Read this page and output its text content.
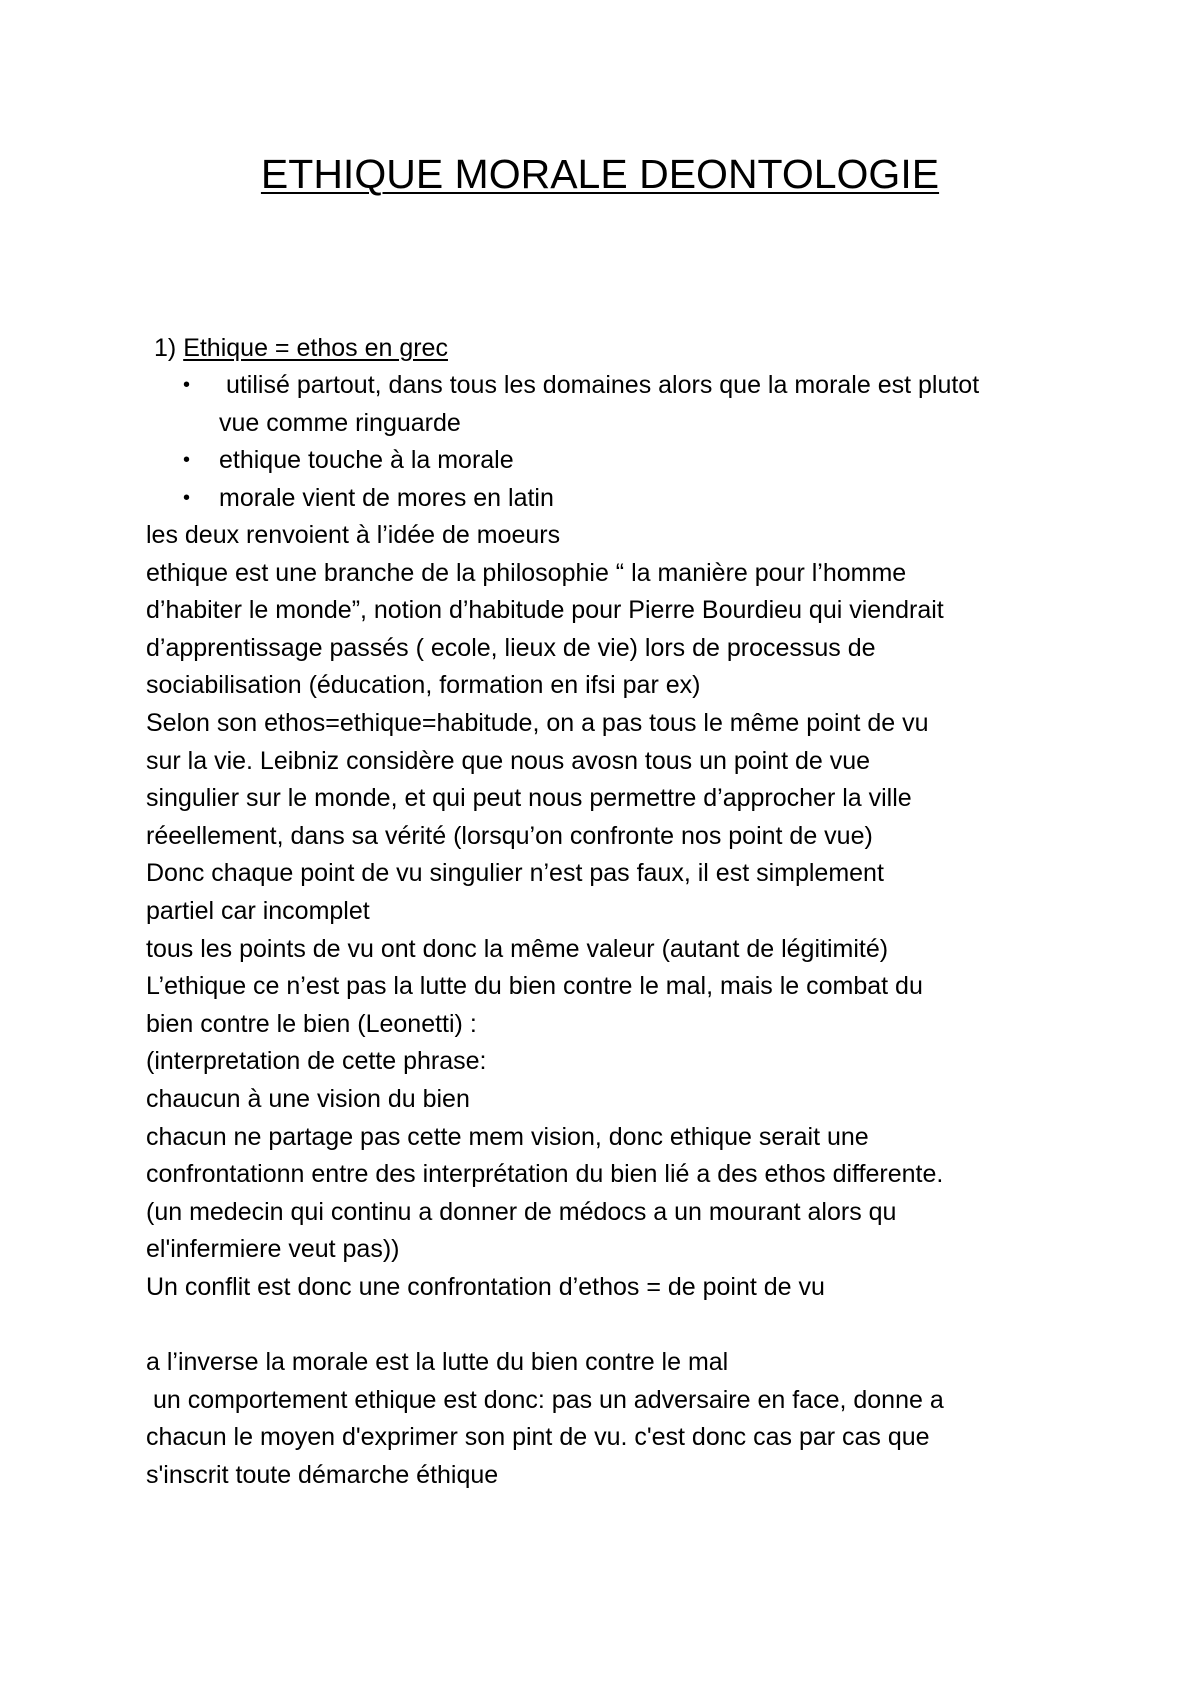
ETHIQUE MORALE DEONTOLOGIE
1) Ethique = ethos en grec
• utilisé partout, dans tous les domaines alors que la morale est plutot vue comme ringuarde
• ethique touche à la morale
• morale vient de mores en latin
les deux renvoient à l’idée de moeurs
ethique est une branche de la philosophie “ la manière pour l’homme
d’habiter le monde”, notion d’habitude pour Pierre Bourdieu qui viendrait
d’apprentissage passés ( ecole, lieux de vie) lors de processus de
sociabilisation (éducation, formation en ifsi par ex)
Selon son ethos=ethique=habitude, on a pas tous le même point de vu
sur la vie. Leibniz considère que nous avosn tous un point de vue
singulier sur le monde, et qui peut nous permettre d’approcher la ville
réeellement, dans sa vérité (lorsqu’on confronte nos point de vue)
Donc chaque point de vu singulier n’est pas faux, il est simplement
partiel car incomplet
tous les points de vu ont donc la même valeur (autant de légitimité)
L’ethique ce n’est pas la lutte du bien contre le mal, mais le combat du
bien contre le bien (Leonetti) :
(interpretation de cette phrase:
chaucun à une vision du bien
chacun ne partage pas cette mem vision, donc ethique serait une
confrontationn entre des interprétation du bien lié a des ethos differente.
(un medecin qui continu a donner de médocs a un mourant alors qu
el'infermiere veut pas))
Un conflit est donc une confrontation d’ethos = de point de vu
a l’inverse la morale est la lutte du bien contre le mal
un comportement ethique est donc: pas un adversaire en face, donne a
chacun le moyen d'exprimer son pint de vu. c'est donc cas par cas que
s'inscrit toute démarche éthique
